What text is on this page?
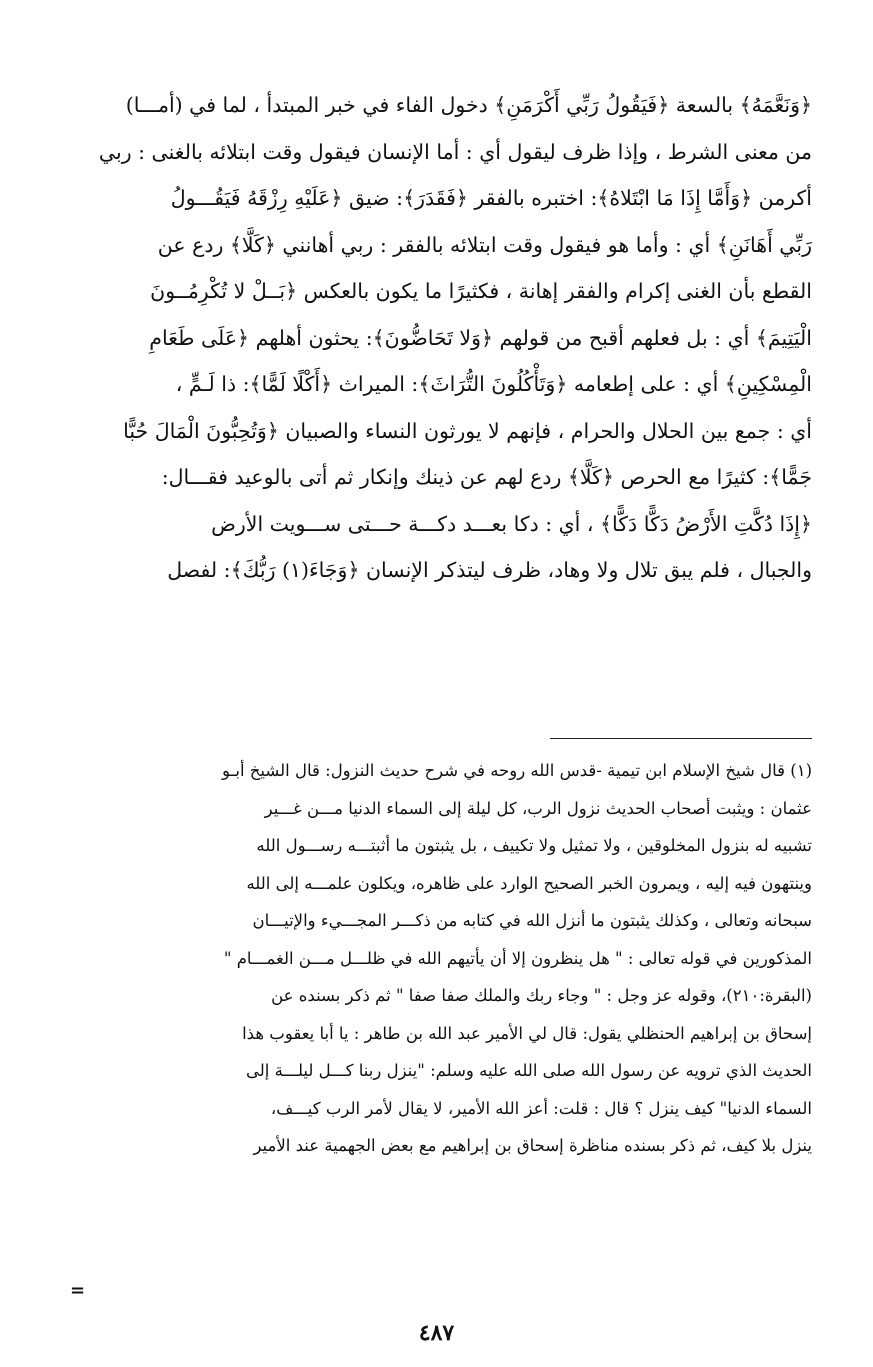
﴿وَنَعَّمَهُ﴾ بالسعة ﴿فَيَقُولُ رَبِّي أَكْرَمَنِ﴾ دخول الفاء في خبر المبتدأ ، لما في (أمـــا)
من معنى الشرط ، وإذا ظرف ليقول أي : أما الإنسان فيقول وقت ابتلائه بالغنى : ربي
أكرمن ﴿وَأَمَّا إِذَا مَا ابْتَلاهُ﴾: اختبره بالفقر ﴿فَقَدَرَ﴾: ضيق ﴿عَلَيْهِ رِزْقَهُ فَيَقُـــولُ
رَبِّي أَهَانَنِ﴾ أي : وأما هو فيقول وقت ابتلائه بالفقر : ربي أهانني ﴿كَلَّا﴾ ردع عن
القطع بأن الغنى إكرام والفقر إهانة ، فكثيرًا ما يكون بالعكس ﴿بَــلْ لا تُكْرِمُــونَ
الْيَتِيمَ﴾ أي : بل فعلهم أقبح من قولهم ﴿وَلا تَحَاضُّونَ﴾: يحثون أهلهم ﴿عَلَى طَعَامِ
الْمِسْكِينِ﴾ أي : على إطعامه ﴿وَتَأْكُلُونَ التُّرَاثَ﴾: الميراث ﴿أَكْلًا لَمًّا﴾: ذا لَـمٍّ ،
أي : جمع بين الحلال والحرام ، فإنهم لا يورثون النساء والصبيان ﴿وَتُحِبُّونَ الْمَالَ حُبًّا
جَمًّا﴾: كثيرًا مع الحرص ﴿كَلَّا﴾ ردع لهم عن ذينك وإنكار ثم أتى بالوعيد فقـــال:
﴿إِذَا دُكَّتِ الأَرْضُ دَكًّا دَكًّا﴾ ، أي : دكا بعـــد دكـــة حـــتى ســـويت الأرض
والجبال ، فلم يبق تلال ولا وهاد، ظرف ليتذكر الإنسان ﴿وَجَاءَ(١) رَبُّكَ﴾: لفصل
(١) قال شيخ الإسلام ابن تيمية -قدس الله روحه في شرح حديث النزول: قال الشيخ أبـو
عثمان : ويثبت أصحاب الحديث نزول الرب، كل ليلة إلى السماء الدنيا مـــن غـــير
تشبيه له بنزول المخلوقين ، ولا تمثيل ولا تكييف ، بل يثبتون ما أثبتـــه رســـول الله
وينتهون فيه إليه ، ويمرون الخبر الصحيح الوارد على ظاهره، ويكلون علمـــه إلى الله
سبحانه وتعالى ، وكذلك يثبتون ما أنزل الله في كتابه من ذكـــر المجـــيء والإتيـــان
المذكورين في قوله تعالى : " هل ينظرون إلا أن يأتيهم الله في ظلـــل مـــن الغمـــام "
(البقرة:٢١٠)، وقوله عز وجل : " وجاء ربك والملك صفا صفا " ثم ذكر بسنده عن
إسحاق بن إبراهيم الحنظلي يقول: قال لي الأمير عبد الله بن طاهر : يا أبا يعقوب هذا
الحديث الذي ترويه عن رسول الله صلى الله عليه وسلم: "ينزل ربنا كـــل ليلـــة إلى
السماء الدنيا" كيف ينزل ؟ قال : قلت: أعز الله الأمير، لا يقال لأمر الرب كيـــف،
ينزل بلا كيف، ثم ذكر بسنده مناظرة إسحاق بن إبراهيم مع بعض الجهمية عند الأمير
=
٤٨٧
